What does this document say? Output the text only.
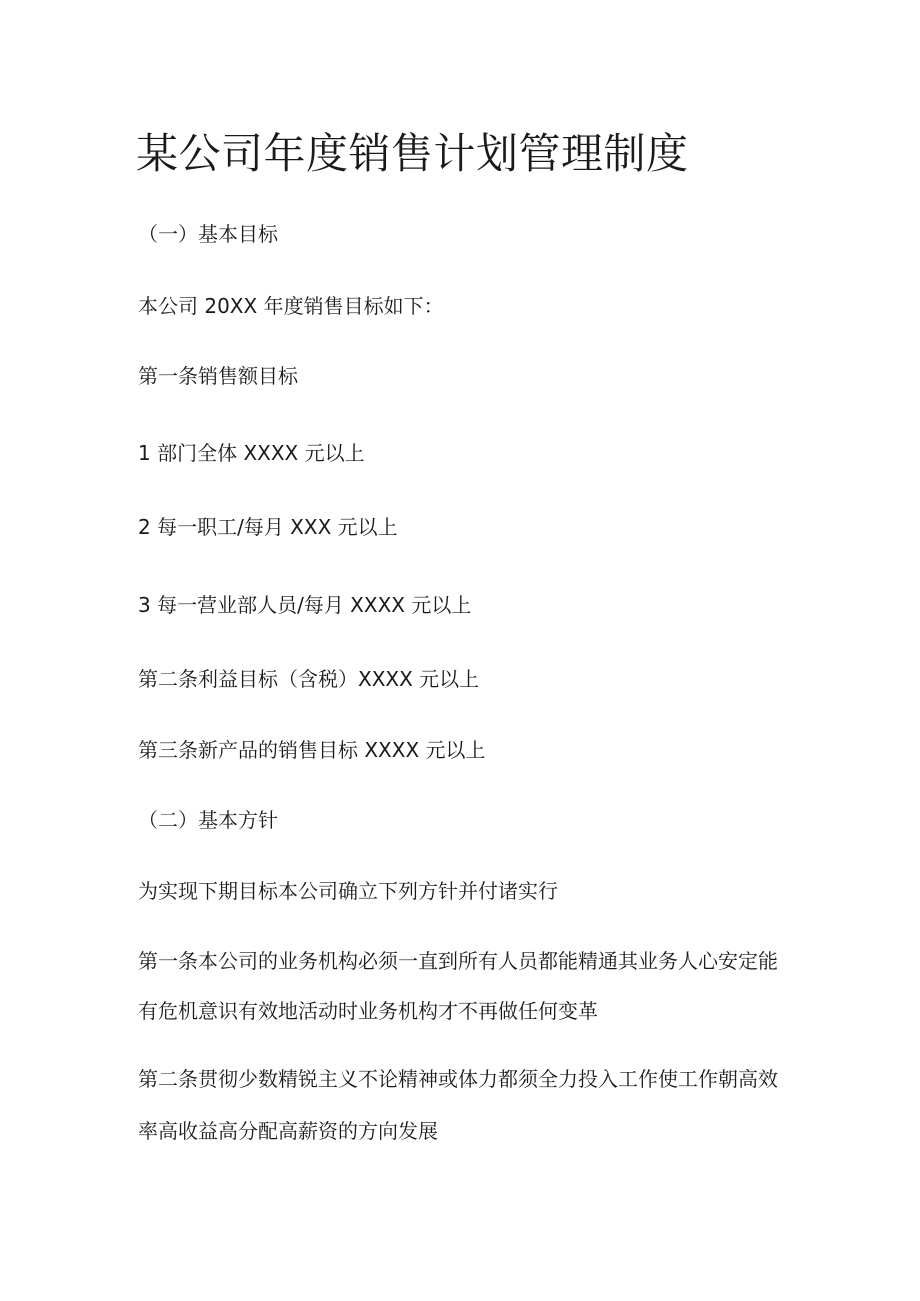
某公司年度销售计划管理制度

（一）基本目标

本公司 20XX 年度销售目标如下：

第一条销售额目标

1 部门全体 XXXX 元以上

2 每一职工/每月 XXX 元以上

3 每一营业部人员/每月 XXXX 元以上

第二条利益目标（含税）XXXX 元以上

第三条新产品的销售目标 XXXX 元以上

（二）基本方针

为实现下期目标本公司确立下列方针并付诸实行

第一条本公司的业务机构必须一直到所有人员都能精通其业务人心安定能

有危机意识有效地活动时业务机构才不再做任何变革

第二条贯彻少数精锐主义不论精神或体力都须全力投入工作使工作朝高效

率高收益高分配高薪资的方向发展
